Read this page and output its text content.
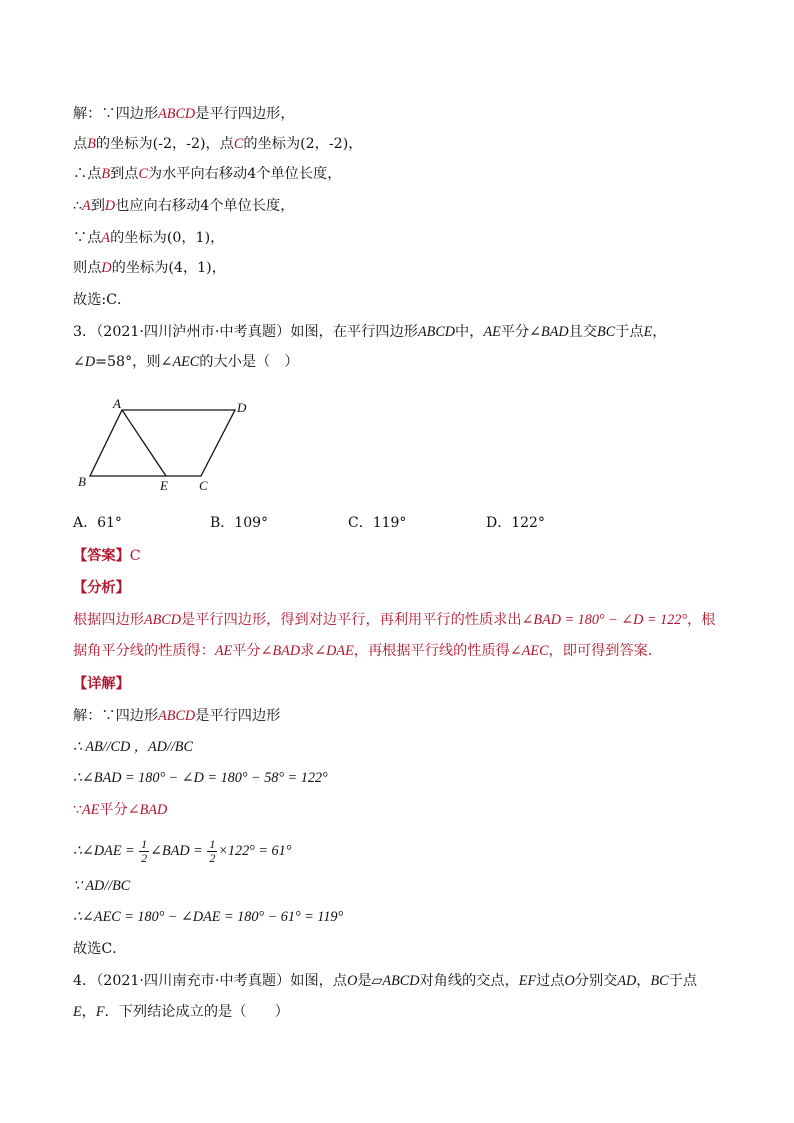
解：∵四边形ABCD是平行四边形，
点B的坐标为(-2，-2)，点C的坐标为(2，-2)，
∴点B到点C为水平向右移动4个单位长度，
∴A到D也应向右移动4个单位长度，
∵点A的坐标为(0，1)，
则点D的坐标为(4，1)，
故选:C．
3．（2021·四川泸州市·中考真题）如图，在平行四边形ABCD中，AE平分∠BAD且交BC于点E，
∠D=58°，则∠AEC的大小是（　）
A	D
B	E C
A．61°	B．109°	C．119°	D．122°
【答案】C
【分析】
根据四边形ABCD是平行四边形，得到对边平行，再利用平行的性质求出∠BAD = 180° − ∠D = 122°，根
据角平分线的性质得：AE平分∠BAD求∠DAE，再根据平行线的性质得∠AEC，即可得到答案．
【详解】
解：∵四边形ABCD是平行四边形
∴ AB//CD ，AD//BC
∴∠BAD = 180° − ∠D = 180° − 58° = 122°
∵AE平分∠BAD
∴∠DAE = $\frac{1}{2}$ ∠BAD = $\frac{1}{2} \times 122^\circ = 61^\circ$
∵ AD//BC
∴∠AEC = 180° − ∠DAE = 180° − 61° = 119°
故选C．
4．（2021·四川南充市·中考真题）如图，点O是▱ABCD对角线的交点，EF过点O分别交AD，BC于点
E，F．下列结论成立的是（　　）
